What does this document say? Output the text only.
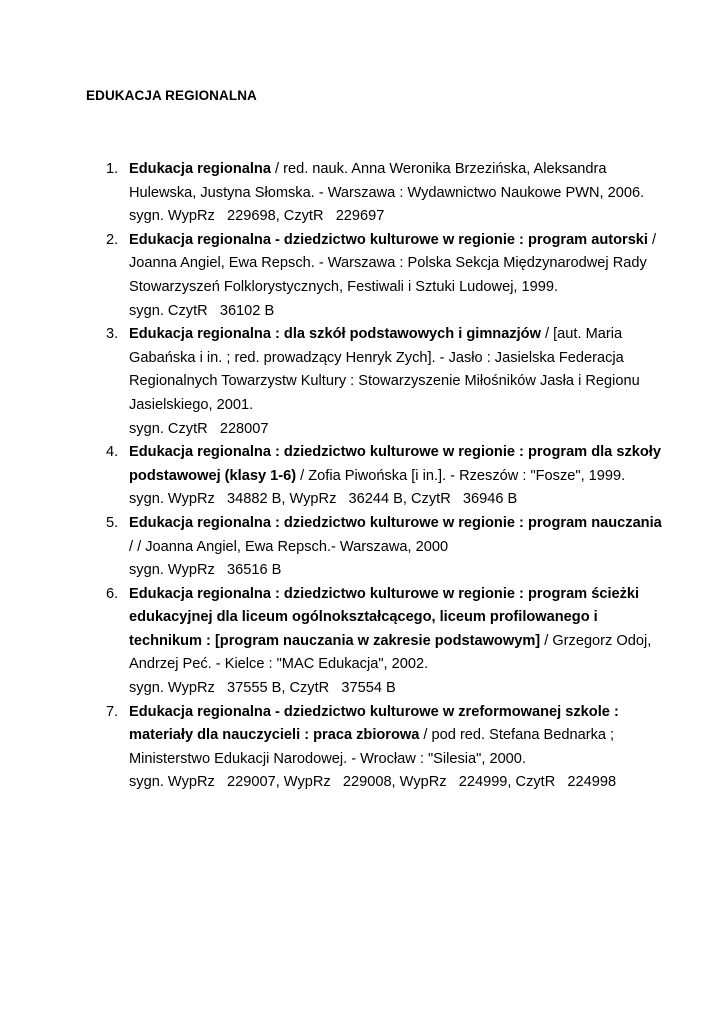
EDUKACJA REGIONALNA
1. Edukacja regionalna / red. nauk. Anna Weronika Brzezińska, Aleksandra Hulewska, Justyna Słomska. - Warszawa : Wydawnictwo Naukowe PWN, 2006.
sygn. WypRz   229698, CzytR   229697
2. Edukacja regionalna - dziedzictwo kulturowe w regionie : program autorski / Joanna Angiel, Ewa Repsch. - Warszawa : Polska Sekcja Międzynarodwej Rady Stowarzyszeń Folklorystycznych, Festiwali i Sztuki Ludowej, 1999.
sygn. CzytR   36102 B
3. Edukacja regionalna : dla szkół podstawowych i gimnazjów / [aut. Maria Gabańska i in. ; red. prowadzący Henryk Zych]. - Jasło : Jasielska Federacja Regionalnych Towarzystw Kultury : Stowarzyszenie Miłośników Jasła i Regionu Jasielskiego, 2001.
sygn. CzytR   228007
4. Edukacja regionalna : dziedzictwo kulturowe w regionie : program dla szkoły podstawowej (klasy 1-6) / Zofia Piwońska [i in.]. - Rzeszów : "Fosze", 1999.
sygn. WypRz   34882 B, WypRz   36244 B, CzytR   36946 B
5. Edukacja regionalna : dziedzictwo kulturowe w regionie : program nauczania / / Joanna Angiel, Ewa Repsch.- Warszawa, 2000
sygn. WypRz   36516 B
6. Edukacja regionalna : dziedzictwo kulturowe w regionie : program ścieżki edukacyjnej dla liceum ogólnokształcącego, liceum profilowanego i technikum : [program nauczania w zakresie podstawowym] / Grzegorz Odoj, Andrzej Peć. - Kielce : "MAC Edukacja", 2002.
sygn. WypRz   37555 B, CzytR   37554 B
7. Edukacja regionalna - dziedzictwo kulturowe w zreformowanej szkole : materiały dla nauczycieli : praca zbiorowa / pod red. Stefana Bednarka ; Ministerstwo Edukacji Narodowej. - Wrocław : "Silesia", 2000.
sygn. WypRz   229007, WypRz   229008, WypRz   224999, CzytR   224998
